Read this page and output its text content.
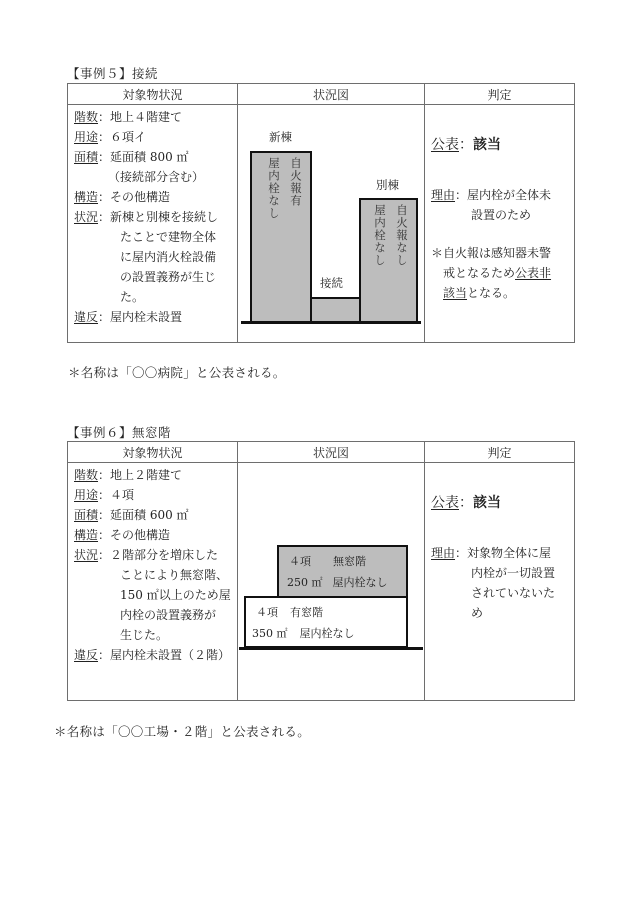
【事例５】接続
対象物状況	状況図	判定

階数：地上４階建て
用途：６項イ
面積：延面積 800 ㎡
（接続部分含む）
構造：その他構造
状況：新棟と別棟を接続し
たことで建物全体
に屋内消火栓設備
の設置義務が生じ
た。
違反：屋内栓未設置

新棟
自火報有
屋内栓なし
接続
別棟
自火報なし
屋内栓なし

公表：該当
理由：屋内栓が全体未
設置のため
＊自火報は感知器未警
戒となるため公表非
該当となる。
＊名称は「〇〇病院」と公表される。
【事例６】無窓階
対象物状況	状況図	判定

階数：地上２階建て
用途：４項
面積：延面積 600 ㎡
構造：その他構造
状況：２階部分を増床した
ことにより無窓階、
150 ㎡以上のため屋
内栓の設置義務が
生じた。
違反：屋内栓未設置（２階）

４項 無窓階
250 ㎡ 屋内栓なし
４項 有窓階
350 ㎡ 屋内栓なし

公表：該当
理由：対象物全体に屋
内栓が一切設置
されていないた
め
＊名称は「〇〇工場・２階」と公表される。
